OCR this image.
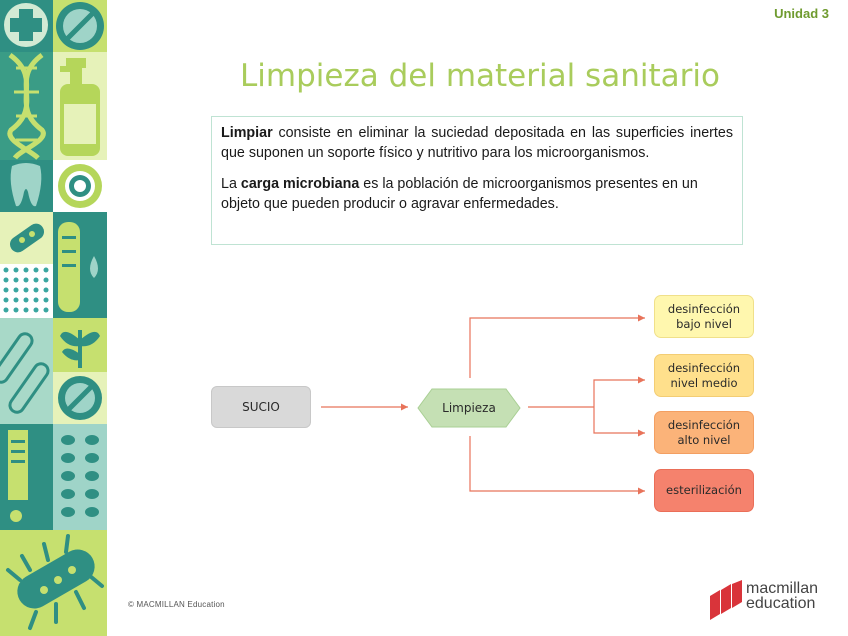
Unidad 3
Limpieza del material sanitario

Limpiar consiste en eliminar la suciedad depositada en las superficies inertes que suponen un soporte físico y nutritivo para los microorganismos.

La carga microbiana es la población de microorganismos presentes en un objeto que pueden producir o agravar enfermedades.

SUCIO	Limpieza
desinfección
bajo nivel
desinfección
nivel medio
desinfección
alto nivel
esterilización
© MACMILLAN Education
macmillan
education
